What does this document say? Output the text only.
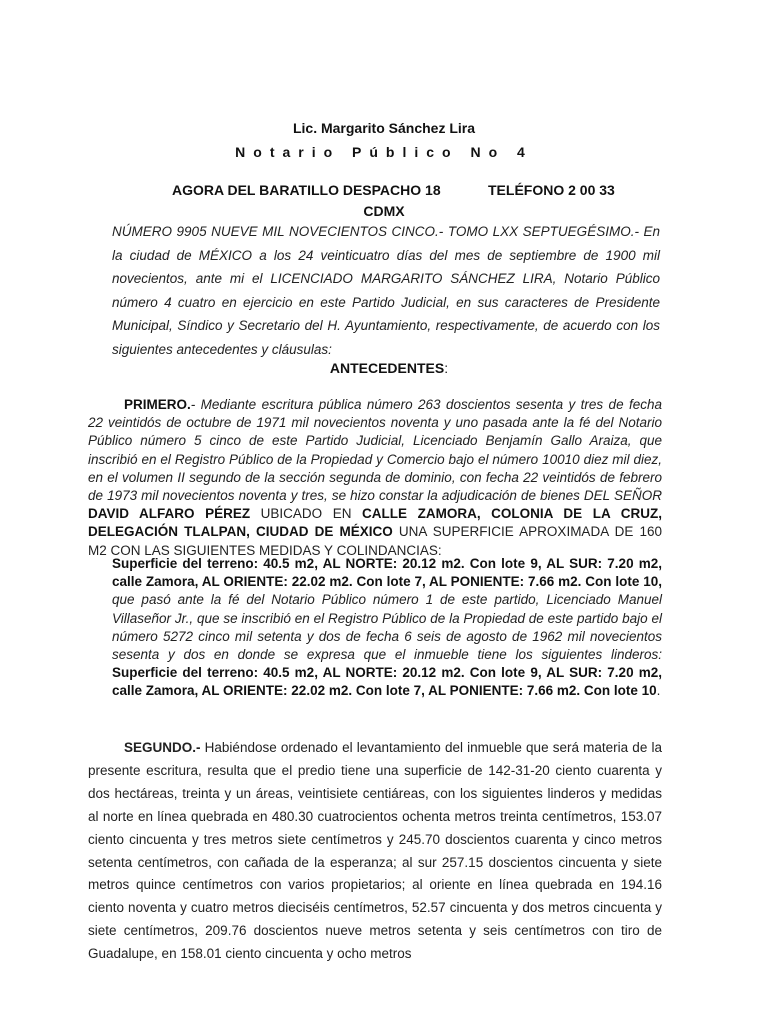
Lic. Margarito Sánchez Lira
Notario Público No 4
AGORA DEL BARATILLO DESPACHO 18	TELÉFONO 2 00 33
CDMX
NÚMERO 9905 NUEVE MIL NOVECIENTOS CINCO.- TOMO LXX SEPTUEGÉSIMO.- En la ciudad de MÉXICO a los 24 veinticuatro días del mes de septiembre de 1900 mil novecientos, ante mi el LICENCIADO MARGARITO SÁNCHEZ LIRA, Notario Público número 4 cuatro en ejercicio en este Partido Judicial, en sus caracteres de Presidente Municipal, Síndico y Secretario del H. Ayuntamiento, respectivamente, de acuerdo con los siguientes antecedentes y cláusulas:
ANTECEDENTES:
PRIMERO.- Mediante escritura pública número 263 doscientos sesenta y tres de fecha 22 veintidós de octubre de 1971 mil novecientos noventa y uno pasada ante la fé del Notario Público número 5 cinco de este Partido Judicial, Licenciado Benjamín Gallo Araiza, que inscribió en el Registro Público de la Propiedad y Comercio bajo el número 10010 diez mil diez, en el volumen II segundo de la sección segunda de dominio, con fecha 22 veintidós de febrero de 1973 mil novecientos noventa y tres, se hizo constar la adjudicación de bienes DEL SEÑOR DAVID ALFARO PÉREZ UBICADO EN CALLE ZAMORA, COLONIA DE LA CRUZ, DELEGACIÓN TLALPAN, CIUDAD DE MÉXICO UNA SUPERFICIE APROXIMADA DE 160 M2 CON LAS SIGUIENTES MEDIDAS Y COLINDANCIAS:
Superficie del terreno: 40.5 m2, AL NORTE: 20.12 m2. Con lote 9, AL SUR: 7.20 m2, calle Zamora, AL ORIENTE: 22.02 m2. Con lote 7, AL PONIENTE: 7.66 m2. Con lote 10, que pasó ante la fé del Notario Público número 1 de este partido, Licenciado Manuel Villaseñor Jr., que se inscribió en el Registro Público de la Propiedad de este partido bajo el número 5272 cinco mil setenta y dos de fecha 6 seis de agosto de 1962 mil novecientos sesenta y dos en donde se expresa que el inmueble tiene los siguientes linderos: Superficie del terreno: 40.5 m2, AL NORTE: 20.12 m2. Con lote 9, AL SUR: 7.20 m2, calle Zamora, AL ORIENTE: 22.02 m2. Con lote 7, AL PONIENTE: 7.66 m2. Con lote 10.
SEGUNDO.- Habiéndose ordenado el levantamiento del inmueble que será materia de la presente escritura, resulta que el predio tiene una superficie de 142-31-20 ciento cuarenta y dos hectáreas, treinta y un áreas, veintisiete centiáreas, con los siguientes linderos y medidas al norte en línea quebrada en 480.30 cuatrocientos ochenta metros treinta centímetros, 153.07 ciento cincuenta y tres metros siete centímetros y 245.70 doscientos cuarenta y cinco metros setenta centímetros, con cañada de la esperanza; al sur 257.15 doscientos cincuenta y siete metros quince centímetros con varios propietarios; al oriente en línea quebrada en 194.16 ciento noventa y cuatro metros dieciséis centímetros, 52.57 cincuenta y dos metros cincuenta y siete centímetros, 209.76 doscientos nueve metros setenta y seis centímetros con tiro de Guadalupe, en 158.01 ciento cincuenta y ocho metros
